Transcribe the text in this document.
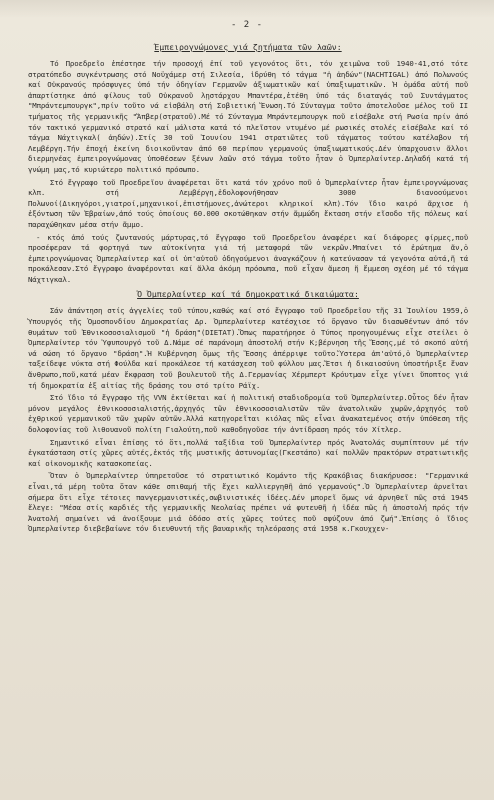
- 2 -
Έμπειρογνώμονες γιά ζητήματα τῶν λαῶν:

Τό Προεδρεῖο ἐπέστησε τήν προσοχή ἐπί τοῦ γεγονότος ὅτι, τόν χειμῶνα τοῦ 1940-41,στό τότε στρατόπεδο συγκέντρωσης στό Νοϋχάμερ στή Σιλεσία, ἱδρύθη τό τάγμα "ἡ ἀηδών"(NACHTIGAL) ἀπό Πολωνούς καί Οὐκρανούς πρόσφυγες ὑπό τήν ὁδηγίαν Γερμανῶν ἀξιωματικῶν καί ὑπαξιωματικῶν. Ἡ ὁμάδα αὐτή ποῦ ἀπαρτίστηκε ἀπό φίλους τοῦ Οὐκρανοῦ λῃστάρχου Μπαντέρα,ἐτέθη ὑπό τάς διαταγάς τοῦ Συντάγματος "Μπράντεμπουργκ",πρίν τοῦτο νά εἰσβάλη στή Σοβιετική Ἕνωση.Τό Σύνταγμα τοῦτο ἀποτελοῦσε μέλος τοῦ ΙΙ τμήματος τῆς γερμανικῆς "Ἄπβερ(στρατοῦ).Μέ τό Σύνταγμα Μπράντεμπουργκ ποῦ εἰσέβαλε στή Ρωσία πρίν ἀπό τόν τακτικό γερμανικό στρατό καί μάλιστα κατά τό πλεῖστον ντυμένο μέ ρωσικές στολές εἰσέβαλε καί τό τάγμα Νάχτιγκαλ( ἀηδών).Στίς 30 τοῦ Ἰουνίου 1941 στρατιῶτες τοῦ τάγματος τούτου κατέλαβον τή Λεμβέργη.Τήν ἐποχή ἐκείνη διοικοῦνταν ἀπό 60 περίπου γερμανούς ὑπαξιωματικούς.Δέν ὑπαρχουσιν ἄλλοι διερμηνέας ἐμπειρογνώμονας ὑποθέσεων ξένων λαῶν στό τάγμα τοῦτο ἦταν ὁ Ὀμπερλαίντερ.Δηλαδή κατά τή γνώμη μας,τό κυριώτερο πολιτικό πρόσωπο.

Στό ἔγγραφο τοῦ Προεδρεῖου ἀναφέρεται ὅτι κατά τόν χρόνο ποῦ ὁ Ὀμπερλαίντερ ἦταν ἐμπειρογνώμονας κλπ. στή Λεμβέργη,ἐδολοφονήθησαν 3000 διανοούμενοι Πολωνοί(Δικηγόροι,γιατροί,μηχανικοί,ἐπιστήμονες,ἀνώτεροι κληρικοί κλπ).Τόν ἴδιο καιρό ἄρχισε ἡ ἐξόντωση τῶν Ἑβραίων,ἀπό τούς ὁποίους 60.000 σκοτώθηκαν στήν ἄμμώδη ἔκταση στήν εἴσοδο τῆς πόλεως καί παραχώθηκαν μέσα στήν ἄμμο.

- κτός ἀπό τούς ζωντανούς μάρτυρας,τό ἔγγραφο τοῦ Προεδρεῖου ἀναφέρει καί διάφορες φίρμες,ποῦ προσέφεραν τά φορτηγά των αὐτοκίνητα γιά τή μεταφορά τῶν νεκρῶν.Μπαίνει τό ἐρώτημα ἄν,ὁ ἐμπειρογνώμονας Ὀμπερλαίντερ καί οἱ ὑπ'αὐτοῦ ὁδηγούμενοι ἀναγκάζουν ἡ κατεύνασαν τά γεγονότα αὐτά,ἤ τά προκάλεσαν.Στό ἔγγραφο ἀναφέρονται καί ἄλλα ἀκόμη πρόσωπα, ποῦ εἶχαν ἄμεση ἤ ἔμμεση σχέση μέ τό τάγμα Νάχτιγκαλ.

Ὁ Ὀμπερλαίντερ καί τά δημοκρατικά δικαιώματα:

Σάν ἀπάντηση στίς ἀγγελίες τοῦ τύπου,καθώς καί στό ἔγγραφο τοῦ Προεδρεῖου τῆς 31 Ἰουλίου 1959,ὁ Ὑπουργός τῆς Ὁμοσπονδίου Δημοκρατίας Δρ. Ὀμπερλαίντερ κατέσχισε τό ὄργανο τῶν διασωθέντων ἀπό τόν θυμάτων τοῦ Ἐθνικοσοσιαλισμοῦ "ἡ δράση"(DIETAT).Ὅπως παρατήρησε ὁ Τύπος προηγουμένως εἶχε στείλει ὁ Ὀμπερλαίντερ τόν Ὑφυπουργό τοῦ Δ.Νάμε σέ παράνομη ἀποστολή στήν Κ;βέρνηση τῆς Ἔσσης,μέ τό σκοπό αὐτή νά σώση τό ὄργανο "δράση".Ἡ Κυβέρνηση ὅμως τῆς Ἔσσης ἀπέρριψε τοῦτο.Ὕστερα ἀπ'αὐτό,ὁ Ὀμπερλαίντερ ταξείδεψε νύκτα στή Φούλδα καί προκάλεσε τή κατάσχεση τοῦ φύλλου μας.Ἔτσι ἡ δικαιοσύνη ὑποστήριξε ἕναν ἄνθρωπο,ποῦ,κατά μέαν ἔκφραση τοῦ βουλευτοῦ τῆς Δ.Γερμανίας Χέρμπερτ Κρόυτμαν εἶχε γίνει ὕποπτος γιά τή δημοκρατία ἐξ αἰτίας τῆς δράσης του στό τρίτο Ράϊχ.

Στό ἴδιο τό ἔγγραφο τῆς VVN ἐκτίθεται καί ἡ πολιτική σταδιοδρομία τοῦ Ὀμπερλαίντερ.Οὗτος δέν ἦταν μόνον μεγάλος ἐθνικοσοσιαλιστής,ἀρχηγός τῶν ἐθνικοσοσιαλιστῶν τῶν ἀνατολικῶν χωρῶν,ἀρχηγός τοῦ ἐχθρικού γερμανικοῦ τῶν χωρῶν αὐτῶν.Ἀλλά κατηγορεῖται κιόλας πῶς εἶναι ἀνακατεμένος στήν ὑπόθεση τῆς δολοφονίας τοῦ λιθουανοῦ πολίτη Γιαλούτη,ποῦ καθοδηγοῦσε τήν ἀντίδραση πρός τόν Χίτλερ.

Σημαντικό εἶναι ἐπίσης τό ὅτι,πολλά ταξίδια τοῦ Ὀμπερλαίντερ πρός Ἀνατολάς συμπίπτουν μέ τήν ἐγκατάσταση στίς χῶρες αὐτές,ἐκτός τῆς μυστικῆς ἀστυνομίας(Γκεστάπο) καί πολλῶν πρακτόρων στρατιωτικῆς καί οἰκονομικῆς κατασκοπείας.

Ὅταν ὁ Ὀμπερλαίντερ ὑπηρετοῦσε τό στρατιωτικό Κομάντο τῆς Κρακόβιας διακήρυσσε: "Γερμανικά εἶναι,τά μέρη τοῦτα ὅταν κάθε σπιθαμή τῆς ἔχει καλλιεργηθῆ ἀπό γερμανούς".Ὁ Ὀμπερλαίντερ ἀρνεῖται σήμερα ὅτι εἶχε τέτοιες πανγερμανιστικές,σωβινιστικές ἰδέες.Δέν μπορεῖ ὅμως νά ἀρνηθεῖ πῶς στά 1945 ἔλεγε: "Μέσα στίς καρδιές τῆς γερμανικῆς Νεολαίας πρέπει νά φυτευθῆ ἡ ἰδέα πῶς ἡ ἀποστολή πρός τήν Ἀνατολή σημαίνει νά ἀνοίξουμε μιά ὁδόσο στίς χῶρες τούτες ποῦ σφύζουν ἀπό ζωή".Ἐπίσης ὁ ἴδιος Ὀμπερλαίντερ διεβεβαίωνε τόν διευθυντή τῆς βαυαρικῆς τηλεόρασης στά 1958 κ.Γκουχχεν-
